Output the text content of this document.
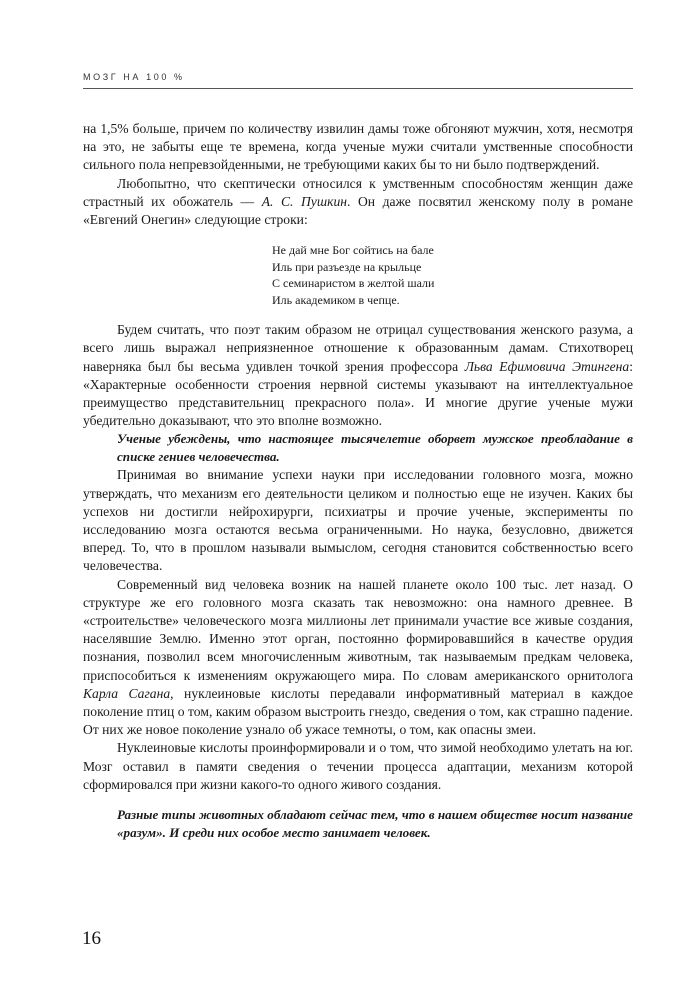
МОЗГ НА 100 %

на 1,5% больше, причем по количеству извилин дамы тоже обгоняют мужчин, хотя, несмотря на это, не забыты еще те времена, когда ученые мужи считали умственные способности сильного пола непревзойденными, не требующими каких бы то ни было подтверждений.

Любопытно, что скептически относился к умственным способностям женщин даже страстный их обожатель — А. С. Пушкин. Он даже посвятил женскому полу в романе «Евгений Онегин» следующие строки:

Не дай мне Бог сойтись на бале
Иль при разъезде на крыльце
С семинаристом в желтой шали
Иль академиком в чепце.

Будем считать, что поэт таким образом не отрицал существования женского разума, а всего лишь выражал неприязненное отношение к образованным дамам. Стихотворец наверняка был бы весьма удивлен точкой зрения профессора Льва Ефимовича Этингена: «Характерные особенности строения нервной системы указывают на интеллектуальное преимущество представительниц прекрасного пола». И многие другие ученые мужи убедительно доказывают, что это вполне возможно.

Ученые убеждены, что настоящее тысячелетие оборвет мужское преобладание в списке гениев человечества.

Принимая во внимание успехи науки при исследовании головного мозга, можно утверждать, что механизм его деятельности целиком и полностью еще не изучен. Каких бы успехов ни достигли нейрохирурги, психиатры и прочие ученые, эксперименты по исследованию мозга остаются весьма ограниченными. Но наука, безусловно, движется вперед. То, что в прошлом называли вымыслом, сегодня становится собственностью всего человечества.

Современный вид человека возник на нашей планете около 100 тыс. лет назад. О структуре же его головного мозга сказать так невозможно: она намного древнее. В «строительстве» человеческого мозга миллионы лет принимали участие все живые создания, населявшие Землю. Именно этот орган, постоянно формировавшийся в качестве орудия познания, позволил всем многочисленным животным, так называемым предкам человека, приспособиться к изменениям окружающего мира. По словам американского орнитолога Карла Сагана, нуклеиновые кислоты передавали информативный материал в каждое поколение птиц о том, каким образом выстроить гнездо, сведения о том, как страшно падение. От них же новое поколение узнало об ужасе темноты, о том, как опасны змеи.

Нуклеиновые кислоты проинформировали и о том, что зимой необходимо улетать на юг. Мозг оставил в памяти сведения о течении процесса адаптации, механизм которой сформировался при жизни какого-то одного живого создания.

Разные типы животных обладают сейчас тем, что в нашем обществе носит название «разум». И среди них особое место занимает человек.

16
